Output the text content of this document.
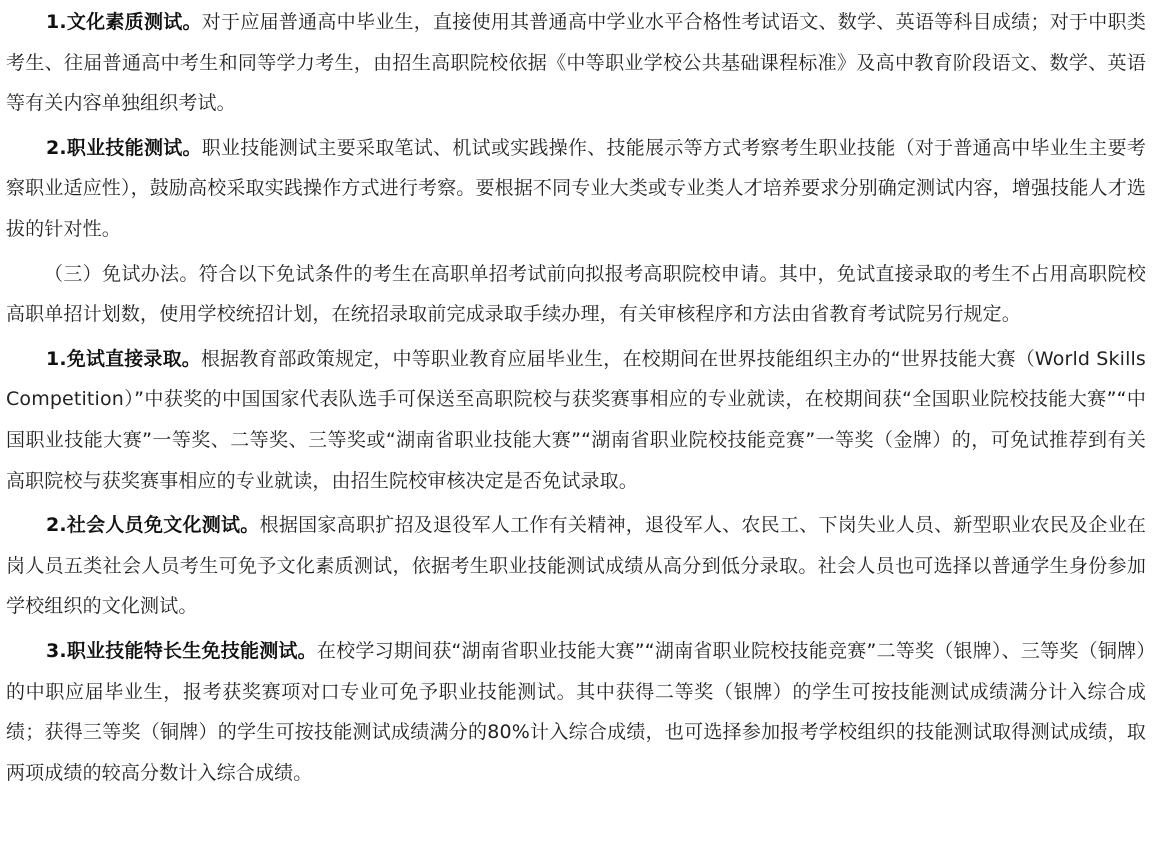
1.文化素质测试。对于应届普通高中毕业生，直接使用其普通高中学业水平合格性考试语文、数学、英语等科目成绩；对于中职类考生、往届普通高中考生和同等学力考生，由招生高职院校依据《中等职业学校公共基础课程标准》及高中教育阶段语文、数学、英语等有关内容单独组织考试。

2.职业技能测试。职业技能测试主要采取笔试、机试或实践操作、技能展示等方式考察考生职业技能（对于普通高中毕业生主要考察职业适应性），鼓励高校采取实践操作方式进行考察。要根据不同专业大类或专业类人才培养要求分别确定测试内容，增强技能人才选拔的针对性。

（三）免试办法。符合以下免试条件的考生在高职单招考试前向拟报考高职院校申请。其中，免试直接录取的考生不占用高职院校高职单招计划数，使用学校统招计划，在统招录取前完成录取手续办理，有关审核程序和方法由省教育考试院另行规定。

1.免试直接录取。根据教育部政策规定，中等职业教育应届毕业生，在校期间在世界技能组织主办的“世界技能大赛（World Skills Competition）”中获奖的中国国家代表队选手可保送至高职院校与获奖赛事相应的专业就读，在校期间获“全国职业院校技能大赛”“中国职业技能大赛”一等奖、二等奖、三等奖或“湖南省职业技能大赛”“湖南省职业院校技能竞赛”一等奖（金牌）的，可免试推荐到有关高职院校与获奖赛事相应的专业就读，由招生院校审核决定是否免试录取。

2.社会人员免文化测试。根据国家高职扩招及退役军人工作有关精神，退役军人、农民工、下岗失业人员、新型职业农民及企业在岗人员五类社会人员考生可免予文化素质测试，依据考生职业技能测试成绩从高分到低分录取。社会人员也可选择以普通学生身份参加学校组织的文化测试。

3.职业技能特长生免技能测试。在校学习期间获“湖南省职业技能大赛”“湖南省职业院校技能竞赛”二等奖（银牌）、三等奖（铜牌）的中职应届毕业生，报考获奖赛项对口专业可免予职业技能测试。其中获得二等奖（银牌）的学生可按技能测试成绩满分计入综合成绩；获得三等奖（铜牌）的学生可按技能测试成绩满分的80%计入综合成绩，也可选择参加报考学校组织的技能测试取得测试成绩，取两项成绩的较高分数计入综合成绩。
